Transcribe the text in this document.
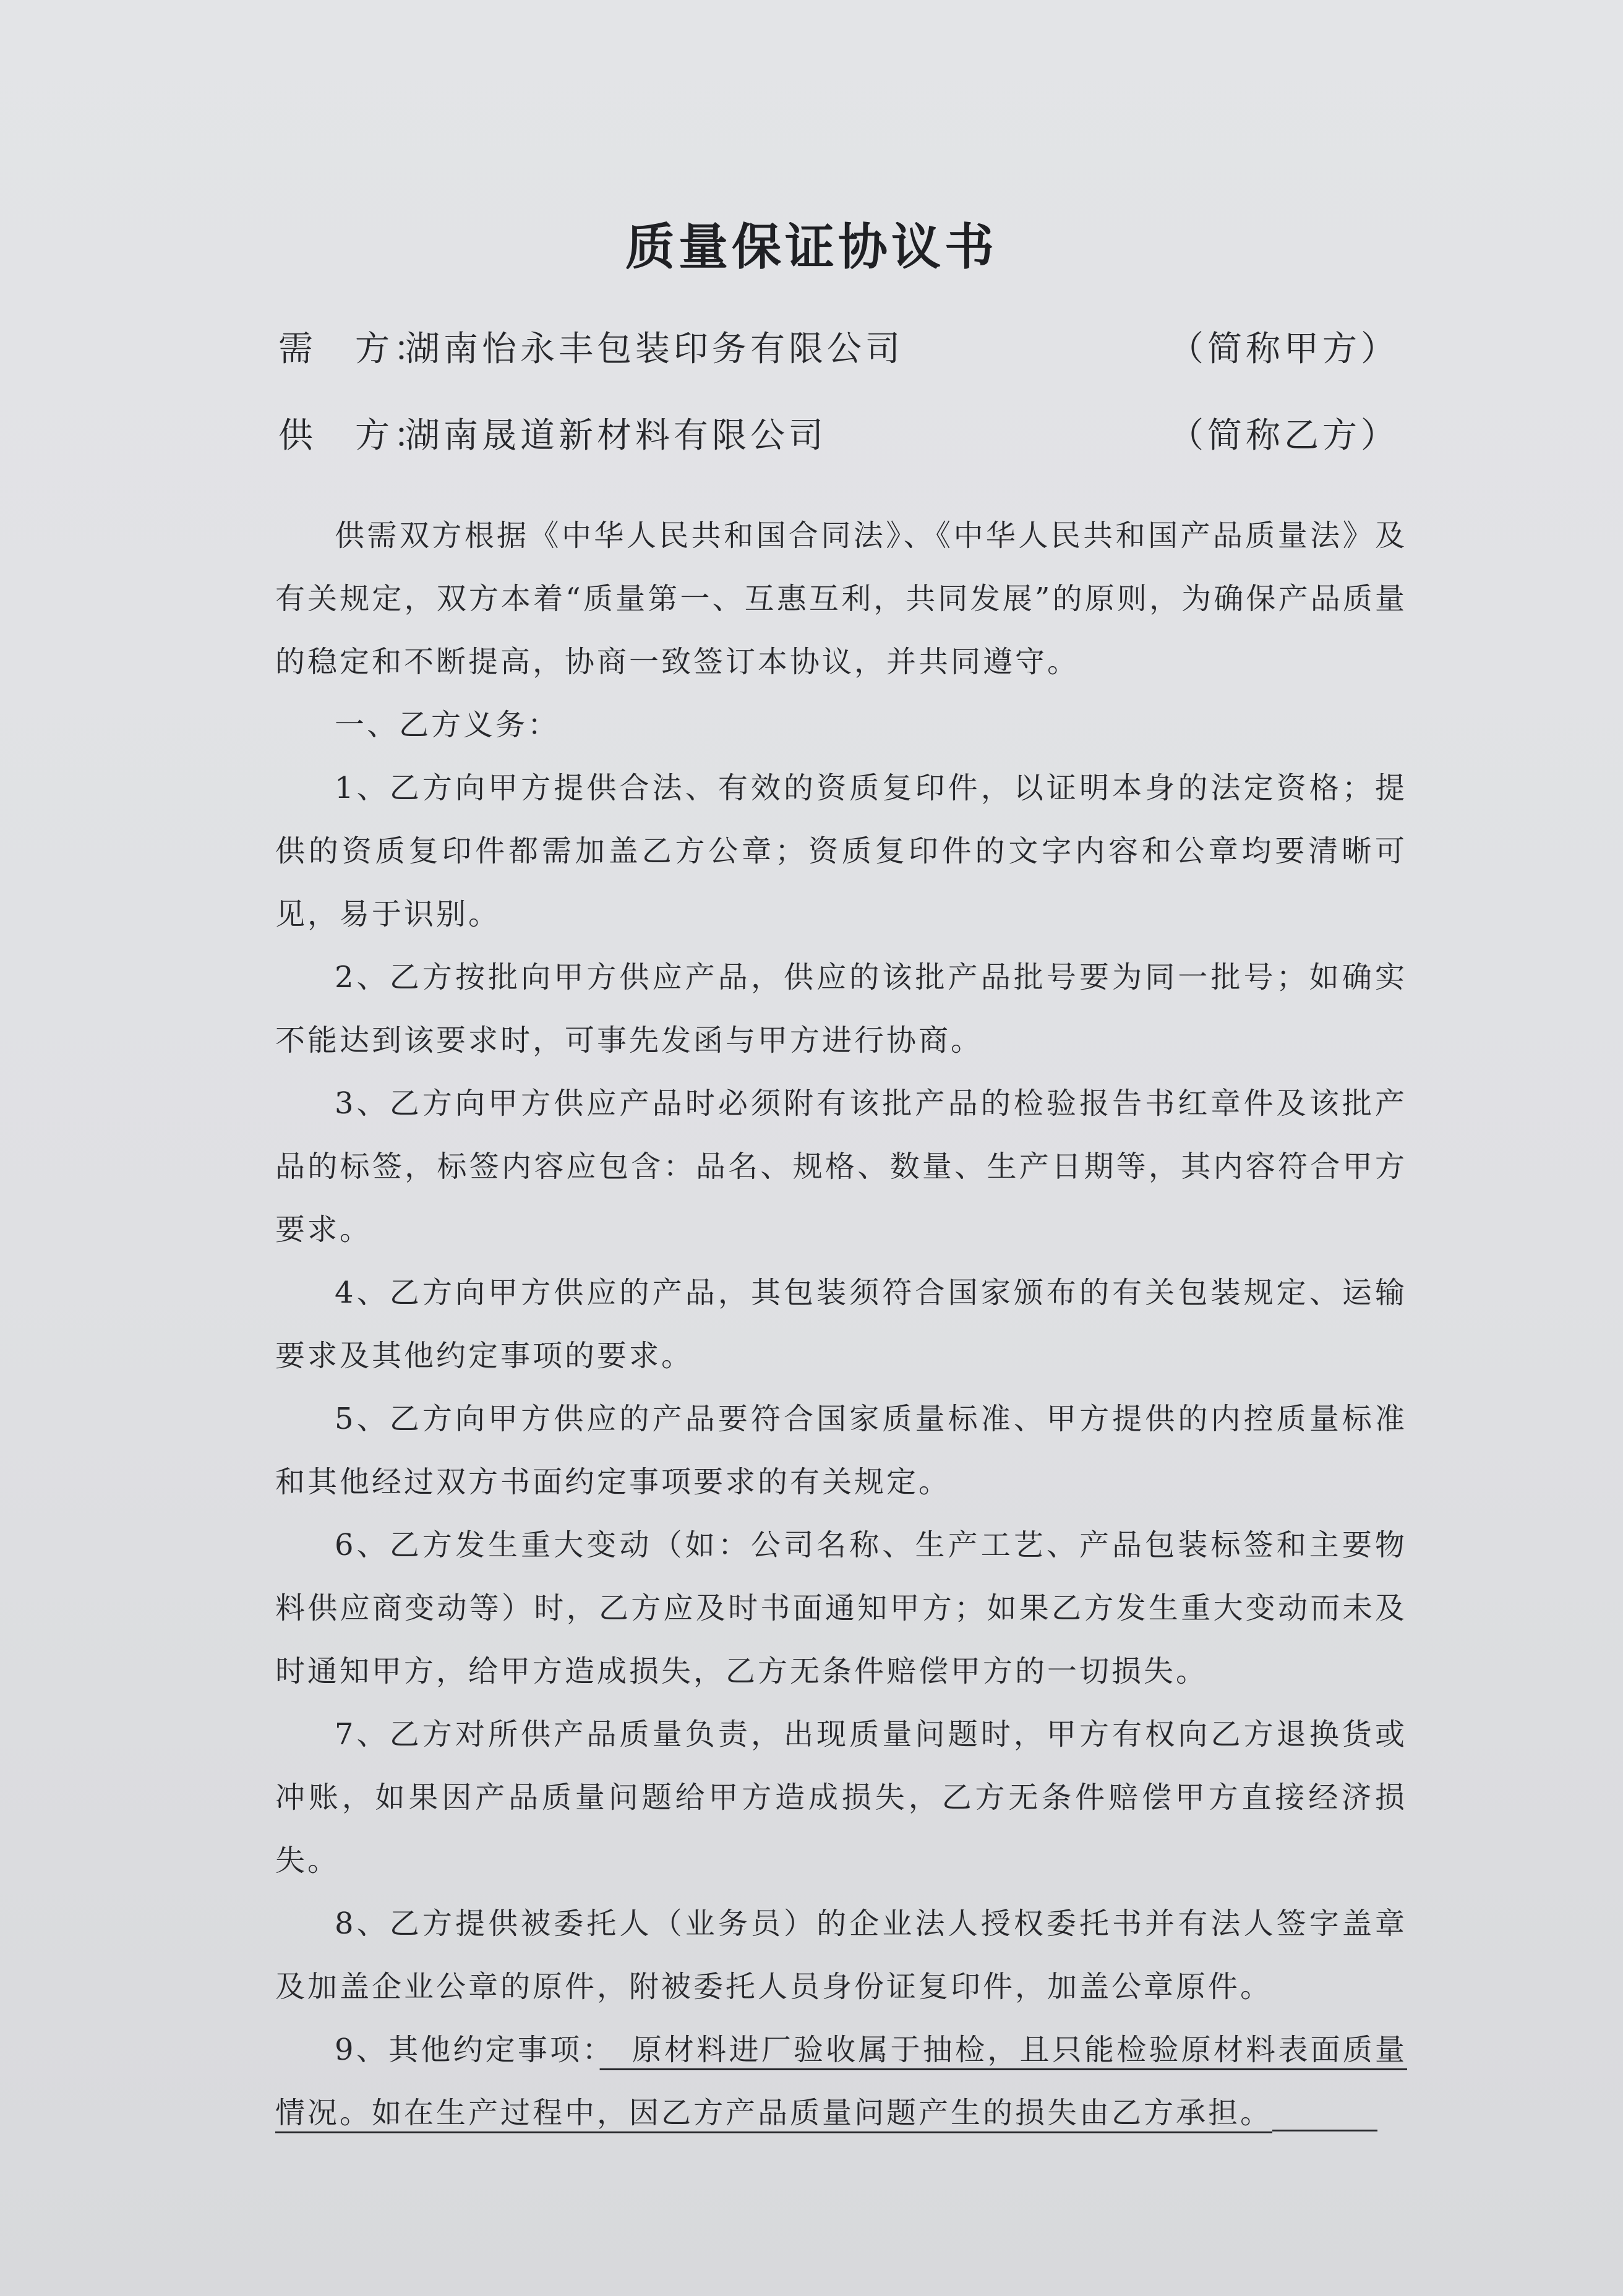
质量保证协议书
需　方：湖南怡永丰包装印务有限公司	（简称甲方）
供　方：湖南晟道新材料有限公司	（简称乙方）

供需双方根据《中华人民共和国合同法》、《中华人民共和国产品质量法》及有关规定，双方本着“质量第一、互惠互利，共同发展”的原则，为确保产品质量的稳定和不断提高，协商一致签订本协议，并共同遵守。

一、乙方义务：

1、乙方向甲方提供合法、有效的资质复印件，以证明本身的法定资格；提供的资质复印件都需加盖乙方公章；资质复印件的文字内容和公章均要清晰可见，易于识别。

2、乙方按批向甲方供应产品，供应的该批产品批号要为同一批号；如确实不能达到该要求时，可事先发函与甲方进行协商。

3、乙方向甲方供应产品时必须附有该批产品的检验报告书红章件及该批产品的标签，标签内容应包含：品名、规格、数量、生产日期等，其内容符合甲方要求。

4、乙方向甲方供应的产品，其包装须符合国家颁布的有关包装规定、运输要求及其他约定事项的要求。

5、乙方向甲方供应的产品要符合国家质量标准、甲方提供的内控质量标准和其他经过双方书面约定事项要求的有关规定。

6、乙方发生重大变动（如：公司名称、生产工艺、产品包装标签和主要物料供应商变动等）时，乙方应及时书面通知甲方；如果乙方发生重大变动而未及时通知甲方，给甲方造成损失，乙方无条件赔偿甲方的一切损失。

7、乙方对所供产品质量负责，出现质量问题时，甲方有权向乙方退换货或冲账，如果因产品质量问题给甲方造成损失，乙方无条件赔偿甲方直接经济损失。

8、乙方提供被委托人（业务员）的企业法人授权委托书并有法人签字盖章及加盖企业公章的原件，附被委托人员身份证复印件，加盖公章原件。

9、其他约定事项：　原材料进厂验收属于抽检，且只能检验原材料表面质量情况。如在生产过程中，因乙方产品质量问题产生的损失由乙方承担。
